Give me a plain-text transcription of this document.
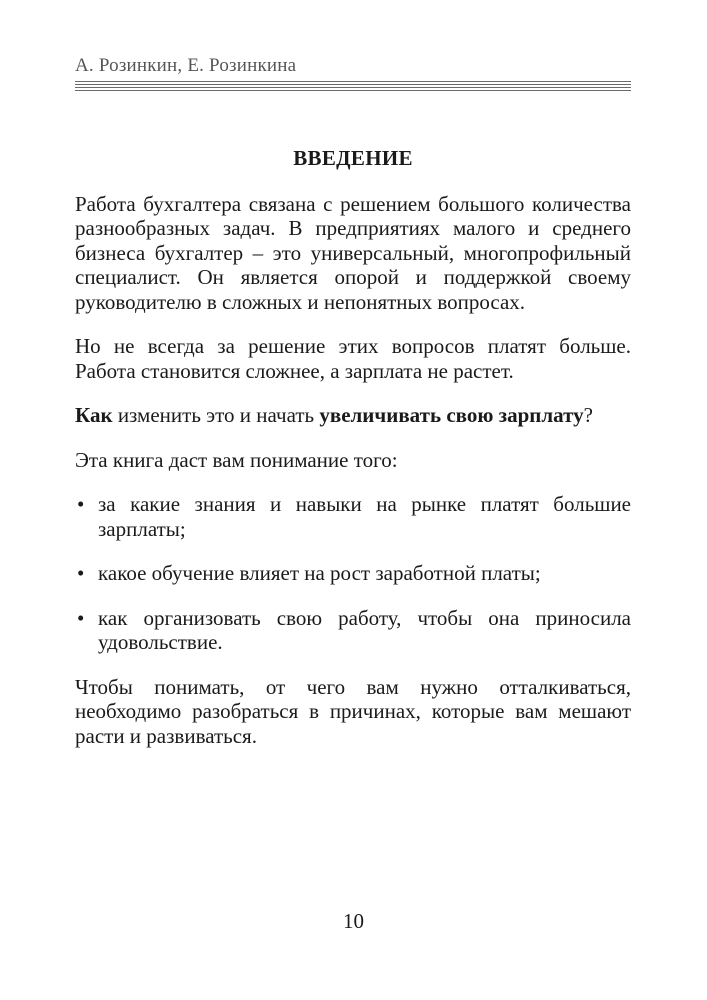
А. Розинкин, Е. Розинкина
ВВЕДЕНИЕ

Работа бухгалтера связана с решением большого количества разнообразных задач. В предприятиях малого и среднего бизнеса бухгалтер – это универсальный, многопрофильный специалист. Он является опорой и поддержкой своему руководителю в сложных и непонятных вопросах.

Но не всегда за решение этих вопросов платят больше. Работа становится сложнее, а зарплата не растет.

Как изменить это и начать увеличивать свою зарплату?

Эта книга даст вам понимание того:

• за какие знания и навыки на рынке платят большие зарплаты;
• какое обучение влияет на рост заработной платы;
• как организовать свою работу, чтобы она приносила удовольствие.

Чтобы понимать, от чего вам нужно отталкиваться, необходимо разобраться в причинах, которые вам мешают расти и развиваться.

10
